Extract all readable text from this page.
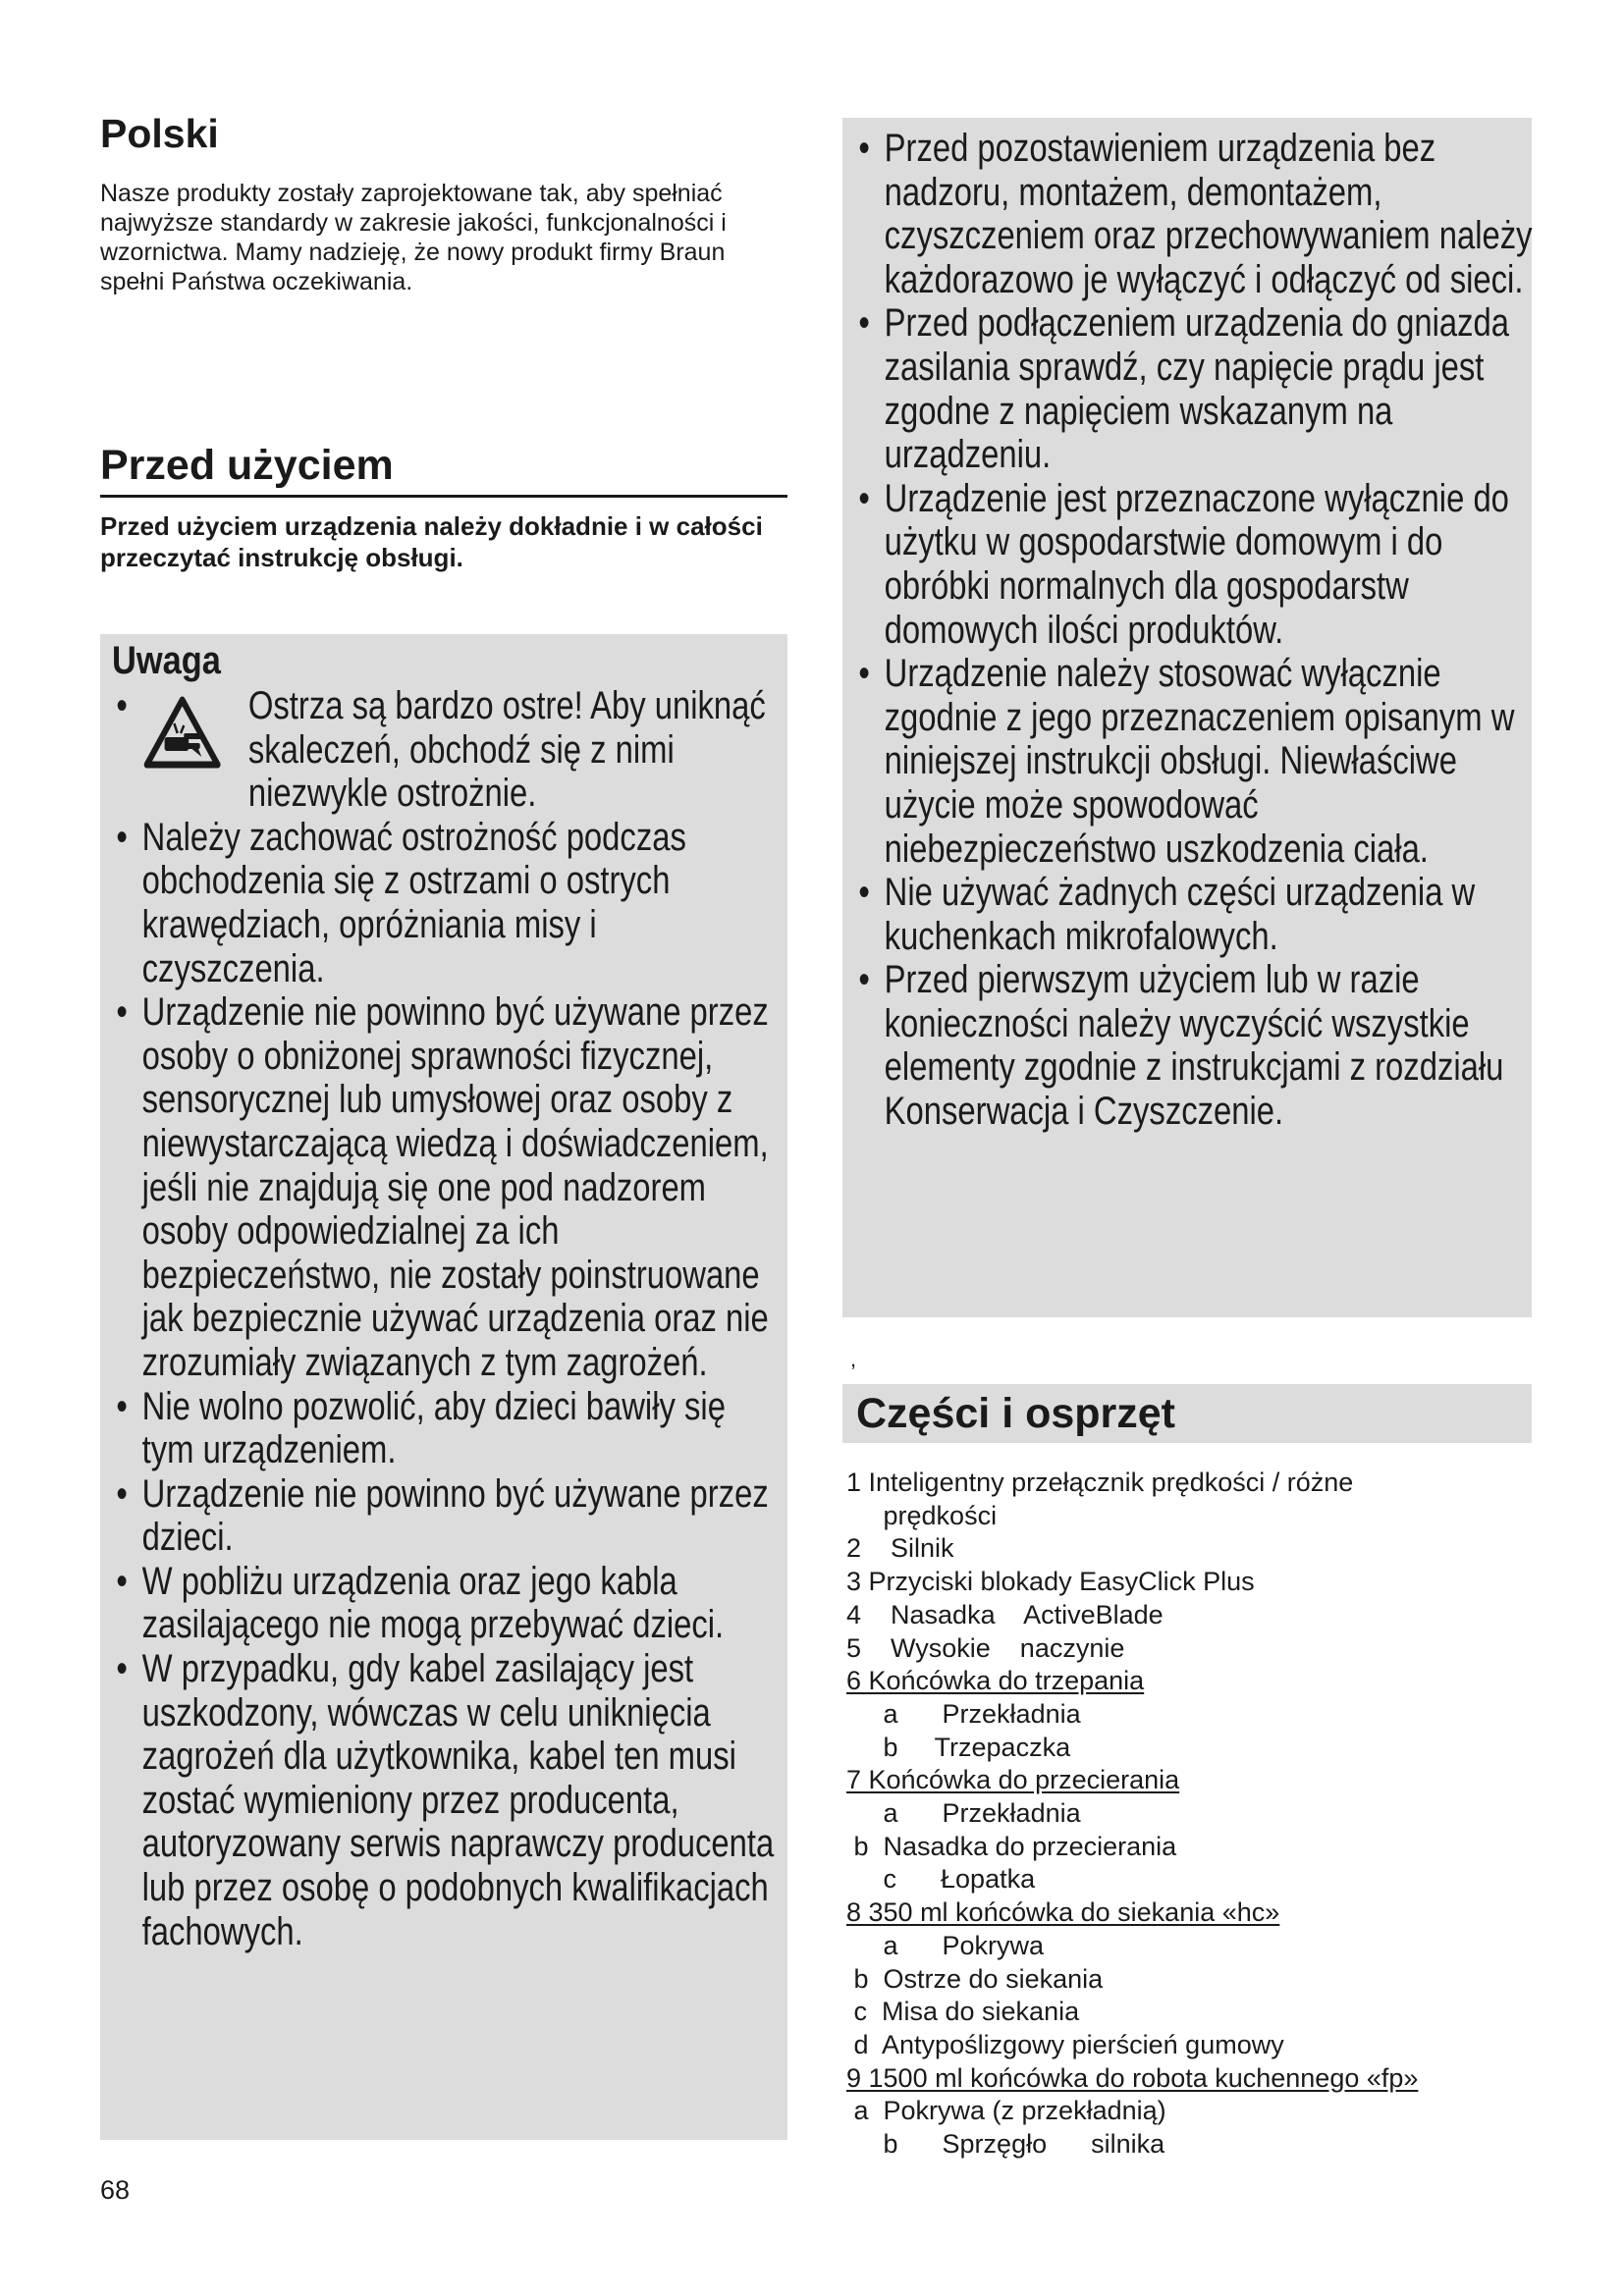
Polski

Nasze produkty zostały zaprojektowane tak, aby spełniać najwyższe standardy w zakresie jakości, funkcjonalności i wzornictwa. Mamy nadzieję, że nowy produkt firmy Braun spełni Państwa oczekiwania.

Przed użyciem

Przed użyciem urządzenia należy dokładnie i w całości przeczytać instrukcję obsługi.

Uwaga
•	Ostrza są bardzo ostre! Aby uniknąć skaleczeń, obchodź się z nimi niezwykle ostrożnie.
• Należy zachować ostrożność podczas obchodzenia się z ostrzami o ostrych krawędziach, opróżniania misy i czyszczenia.
• Urządzenie nie powinno być używane przez osoby o obniżonej sprawności fizycznej, sensorycznej lub umysłowej oraz osoby z niewystarczającą wiedzą i doświadczeniem, jeśli nie znajdują się one pod nadzorem osoby odpowiedzialnej za ich bezpieczeństwo, nie zostały poinstruowane jak bezpiecznie używać urządzenia oraz nie zrozumiały związanych z tym zagrożeń.
• Nie wolno pozwolić, aby dzieci bawiły się tym urządzeniem.
• Urządzenie nie powinno być używane przez dzieci.
• W pobliżu urządzenia oraz jego kabla zasilającego nie mogą przebywać dzieci.
• W przypadku, gdy kabel zasilający jest uszkodzony, wówczas w celu uniknięcia zagrożeń dla użytkownika, kabel ten musi zostać wymieniony przez producenta, autoryzowany serwis naprawczy producenta lub przez osobę o podobnych kwalifikacjach fachowych.
• Przed pozostawieniem urządzenia bez nadzoru, montażem, demontażem, czyszczeniem oraz przechowywaniem należy każdorazowo je wyłączyć i odłączyć od sieci.
• Przed podłączeniem urządzenia do gniazda zasilania sprawdź, czy napięcie prądu jest zgodne z napięciem wskazanym na urządzeniu.
• Urządzenie jest przeznaczone wyłącznie do użytku w gospodarstwie domowym i do obróbki normalnych dla gospodarstw domowych ilości produktów.
• Urządzenie należy stosować wyłącznie zgodnie z jego przeznaczeniem opisanym w niniejszej instrukcji obsługi. Niewłaściwe użycie może spowodować niebezpieczeństwo uszkodzenia ciała.
• Nie używać żadnych części urządzenia w kuchenkach mikrofalowych.
• Przed pierwszym użyciem lub w razie konieczności należy wyczyścić wszystkie elementy zgodnie z instrukcjami z rozdziału Konserwacja i Czyszczenie.
,
Części i osprzęt
1 Inteligentny przełącznik prędkości / różne
prędkości
2    Silnik
3 Przyciski blokady EasyClick Plus
4    Nasadka    ActiveBlade
5    Wysokie    naczynie
6 Końcówka do trzepania
a      Przekładnia
b     Trzepaczka
7 Końcówka do przecierania
a      Przekładnia
b  Nasadka do przecierania
c      Łopatka
8 350 ml końcówka do siekania «hc»
a      Pokrywa
b  Ostrze do siekania
c  Misa do siekania
d  Antypoślizgowy pierścień gumowy
9 1500 ml końcówka do robota kuchennego «fp»
a  Pokrywa (z przekładnią)
b      Sprzęgło      silnika

68
